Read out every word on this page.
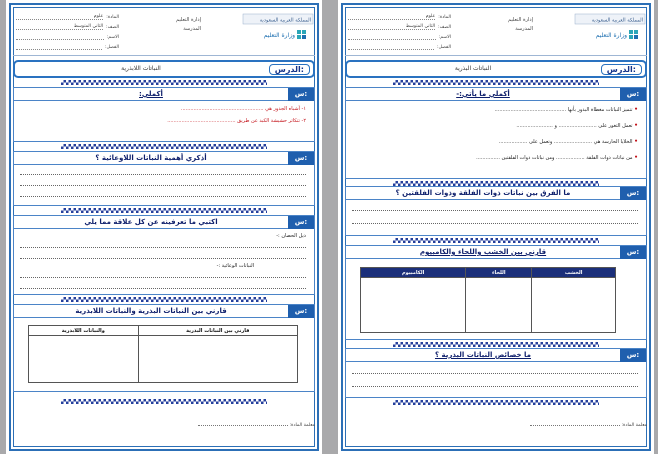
المادة:
علوم
الصف:
الثاني المتوسط
الاسم:
الفصل:
إدارة التعليم
المدرسة
المملكة العربية السعودية
وزارة التعليم
الدرس:
النباتات اللابذرية
س:
أكملي:
١- أشباه الجذور هي ....................................................
٢- تتكاثر حشيشة الكبد عن طريق ...........................................
س:
أذكري أهمية النباتات اللاوعائية ؟
س:
اكتبي ما تعرفينه عن كل علاقة مما يلي
ذيل الحصان :-
النباتات الوعائية :-
س:
قارني بين النباتات البذرية والنباتات اللابذرية
قارني بين النباتات البذرية	والنباتات اللابذرية

معلمة المادة:
المادة:
علوم
الصف:
الثاني المتوسط
الاسم:
الفصل:
إدارة التعليم
المدرسة
المملكة العربية السعودية
وزارة التعليم
الدرس:
النباتات البذرية
س:
أكملي ما يأتي:-
• تتميز النباتات مغطاة البذور بأنها .............................................
• تعمل الثغور على ........................ و .......................
• الخلايا الحارسة هي ........................ وتعمل على ..................
• من نباتات ذوات الفلقة .................. ومن نباتات ذوات الفلقتين ...............
س:
ما الفرق بين نباتات ذوات الفلقة وذوات الفلقتين ؟
س:
قارني بين الخشب واللحاء والكامبيوم
الخشب	اللحاء	الكامبيوم

س:
ما خصائص النباتات البذرية ؟
معلمة المادة:
